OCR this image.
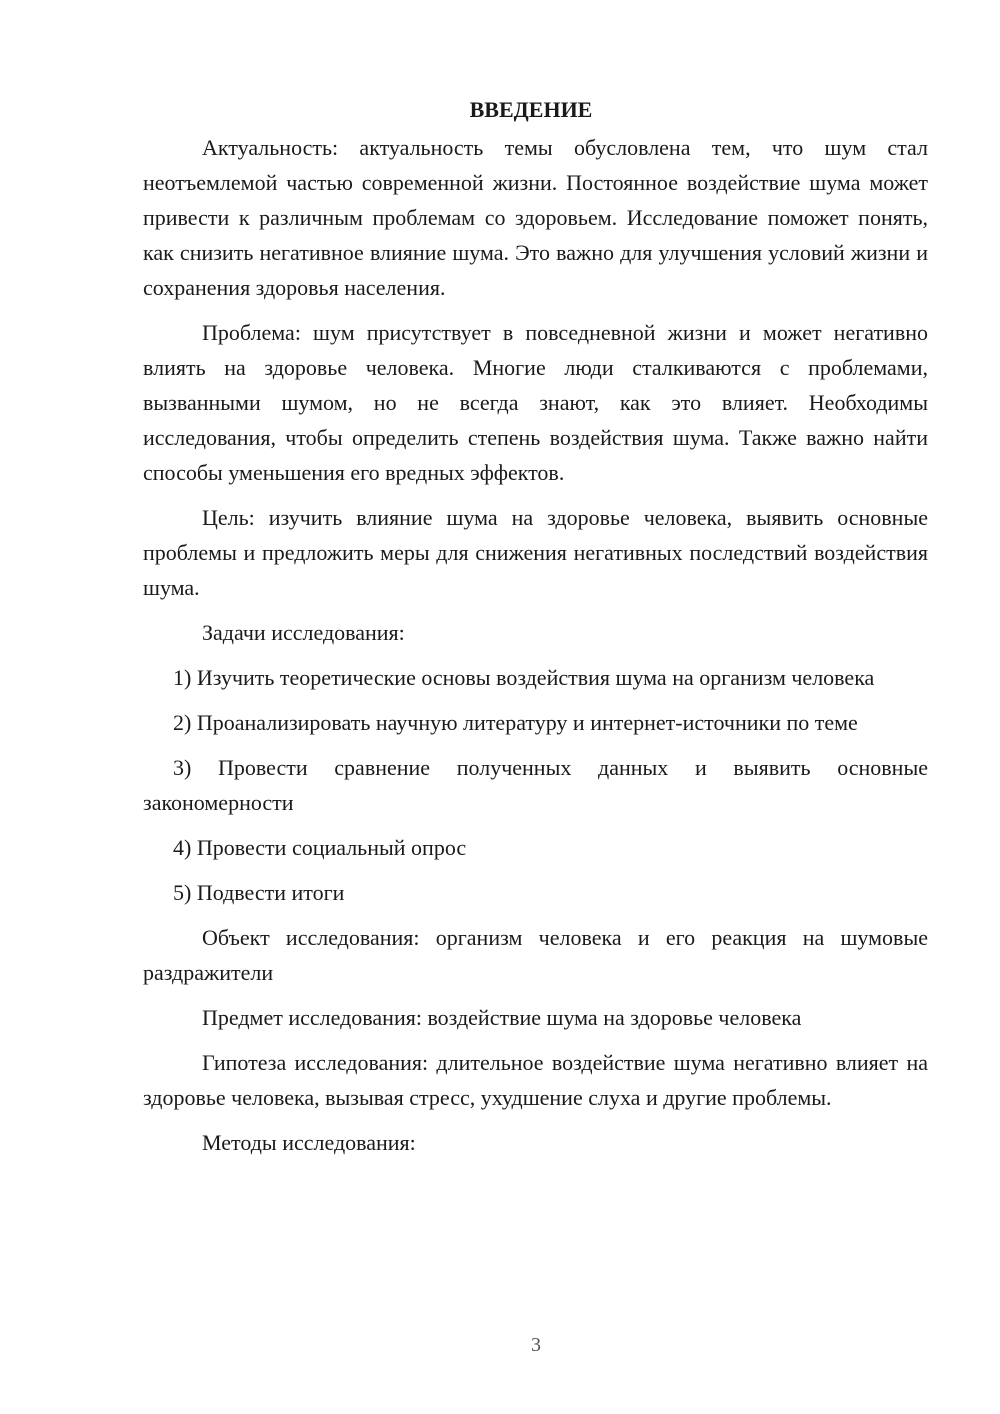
ВВЕДЕНИЕ

Актуальность: актуальность темы обусловлена тем, что шум стал неотъемлемой частью современной жизни. Постоянное воздействие шума может привести к различным проблемам со здоровьем. Исследование поможет понять, как снизить негативное влияние шума. Это важно для улучшения условий жизни и сохранения здоровья населения.

Проблема: шум присутствует в повседневной жизни и может негативно влиять на здоровье человека. Многие люди сталкиваются с проблемами, вызванными шумом, но не всегда знают, как это влияет. Необходимы исследования, чтобы определить степень воздействия шума. Также важно найти способы уменьшения его вредных эффектов.

Цель: изучить влияние шума на здоровье человека, выявить основные проблемы и предложить меры для снижения негативных последствий воздействия шума.

Задачи исследования:

1) Изучить теоретические основы воздействия шума на организм человека

2) Проанализировать научную литературу и интернет-источники по теме

3) Провести сравнение полученных данных и выявить основные закономерности

4) Провести социальный опрос

5) Подвести итоги

Объект исследования: организм человека и его реакция на шумовые раздражители

Предмет исследования: воздействие шума на здоровье человека

Гипотеза исследования: длительное воздействие шума негативно влияет на здоровье человека, вызывая стресс, ухудшение слуха и другие проблемы.

Методы исследования:

3
